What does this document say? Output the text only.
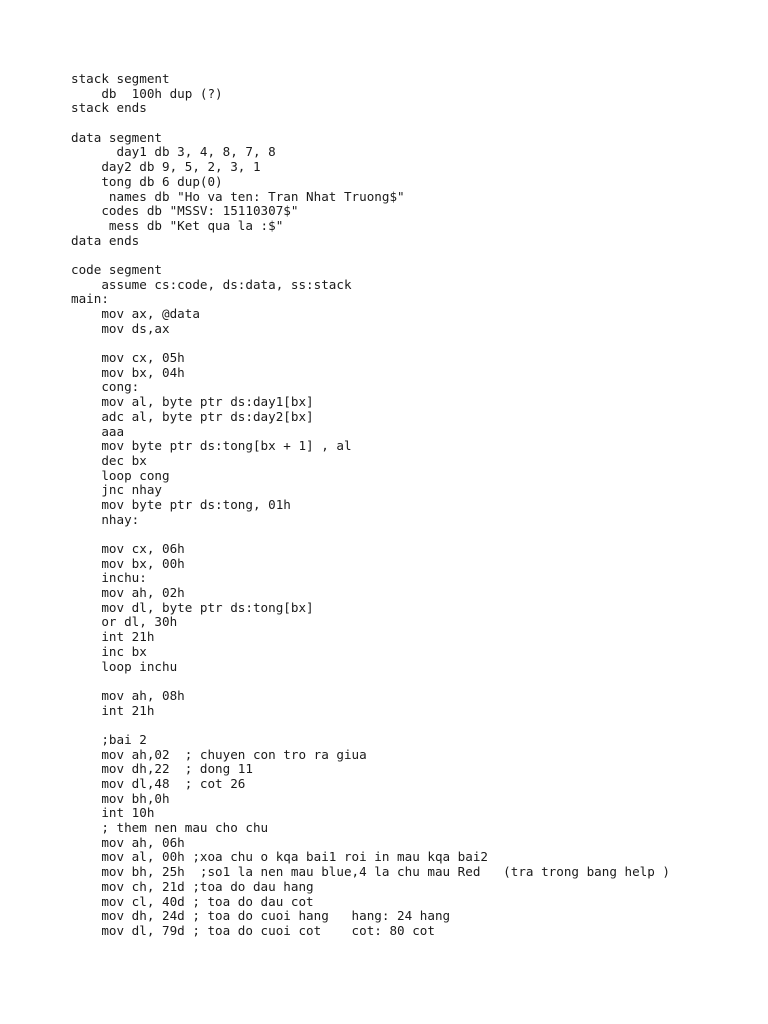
stack segment
db  100h dup (?)
stack ends
data segment
day1 db 3, 4, 8, 7, 8
day2 db 9, 5, 2, 3, 1
tong db 6 dup(0)
names db "Ho va ten: Tran Nhat Truong$"
codes db "MSSV: 15110307$"
mess db "Ket qua la :$"
data ends
code segment
assume cs:code, ds:data, ss:stack
main:
mov ax, @data
mov ds,ax
mov cx, 05h
mov bx, 04h
cong:
mov al, byte ptr ds:day1[bx]
adc al, byte ptr ds:day2[bx]
aaa
mov byte ptr ds:tong[bx + 1] , al
dec bx
loop cong
jnc nhay
mov byte ptr ds:tong, 01h
nhay:
mov cx, 06h
mov bx, 00h
inchu:
mov ah, 02h
mov dl, byte ptr ds:tong[bx]
or dl, 30h
int 21h
inc bx
loop inchu
mov ah, 08h
int 21h
;bai 2
mov ah,02  ; chuyen con tro ra giua
mov dh,22  ; dong 11
mov dl,48  ; cot 26
mov bh,0h
int 10h
; them nen mau cho chu
mov ah, 06h
mov al, 00h ;xoa chu o kqa bai1 roi in mau kqa bai2
mov bh, 25h  ;so1 la nen mau blue,4 la chu mau Red   (tra trong bang help )
mov ch, 21d ;toa do dau hang
mov cl, 40d ; toa do dau cot
mov dh, 24d ; toa do cuoi hang   hang: 24 hang
mov dl, 79d ; toa do cuoi cot    cot: 80 cot
